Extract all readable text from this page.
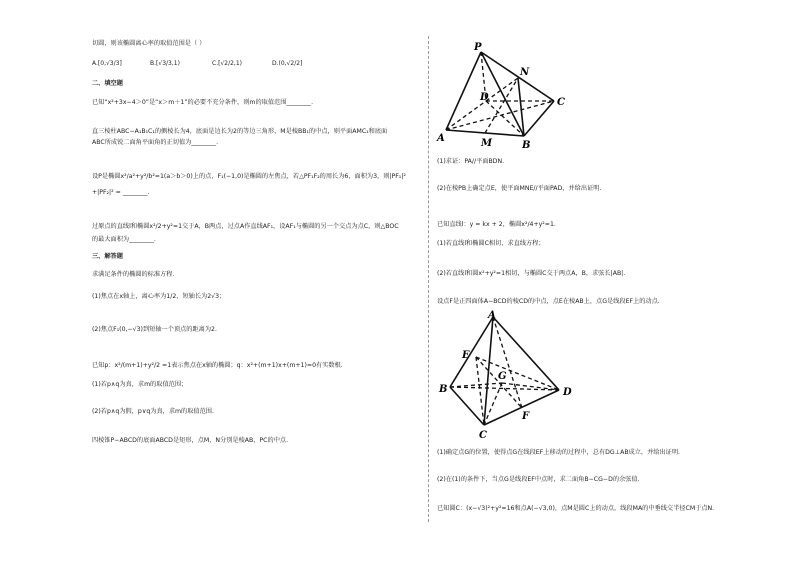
切圆，则该椭圆离心率的取值范围是（ ）
A.[0,√3/3]	B.[√3/3,1)	C.[√2/2,1)	D.(0,√2/2]
二、填空题
已知“x²+3x−4＞0”是“x＞m＋1”的必要不充分条件，则m的取值范围________.
直三棱柱ABC−A₁B₁C₁的侧棱长为4，底面是边长为2的等边三角形，M是棱BB₁的中点，则平面AMC₁和底面
ABC所成锐二面角平面角的正切值为________.
设P是椭圆x²/a²+y²/b²=1(a＞b＞0)上的点，F₁(−1,0)是椭圆的左焦点，若△PF₁F₂的周长为6，面积为3，则|PF₁|²
+|PF₂|² = ________.
过原点的直线l和椭圆x²/2+y²=1交于A，B两点，过点A作直线AF₁，设AF₁与椭圆的另一个交点为点C，则△BOC
的最大面积为________.
三、解答题
求满足条件的椭圆的标准方程.
(1)焦点在x轴上，离心率为1/2，短轴长为2√3；
(2)焦点F₁(0,−√3)到短轴一个顶点的距离为2.
已知p：x²/(m+1)+y²/2 =1表示焦点在x轴的椭圆；q：x²+(m+1)x+(m+1)=0有实数根.
(1)若p∧q为真，求m的取值范围；
(2)若p∧q为假，p∨q为真，求m的取值范围.
四棱锥P−ABCD的底面ABCD是矩形，点M，N分别是棱AB，PC的中点.
P
N
D	C
A	M	B
(1)求证：PA//平面BDN.
(2)在棱PB上确定点E，使平面MNE//平面PAD，并给出证明.
已知直线l：y = kx + 2，椭圆x²/4+y²=1.
(1)若直线l和椭圆C相切，求直线方程；
(2)若直线l和圆x²+y²=1相切，与椭圆C交于两点A，B，求弦长|AB|.
设点F是正四面体A−BCD的棱CD的中点，点E在棱AB上，点G是线段EF上的动点.
A
E
G
B	D
F
C
(1)确定点G的位置，使得点G在线段EF上移动的过程中，总有DG⊥AB成立，并给出证明.
(2)在(1)的条件下，当点G是线段EF中点时，求二面角B−CG−D的余弦值.
已知圆C：(x−√3)²+y²=16和点A(−√3,0)，点M是圆C上的动点，线段MA的中垂线交半径CM于点N.
